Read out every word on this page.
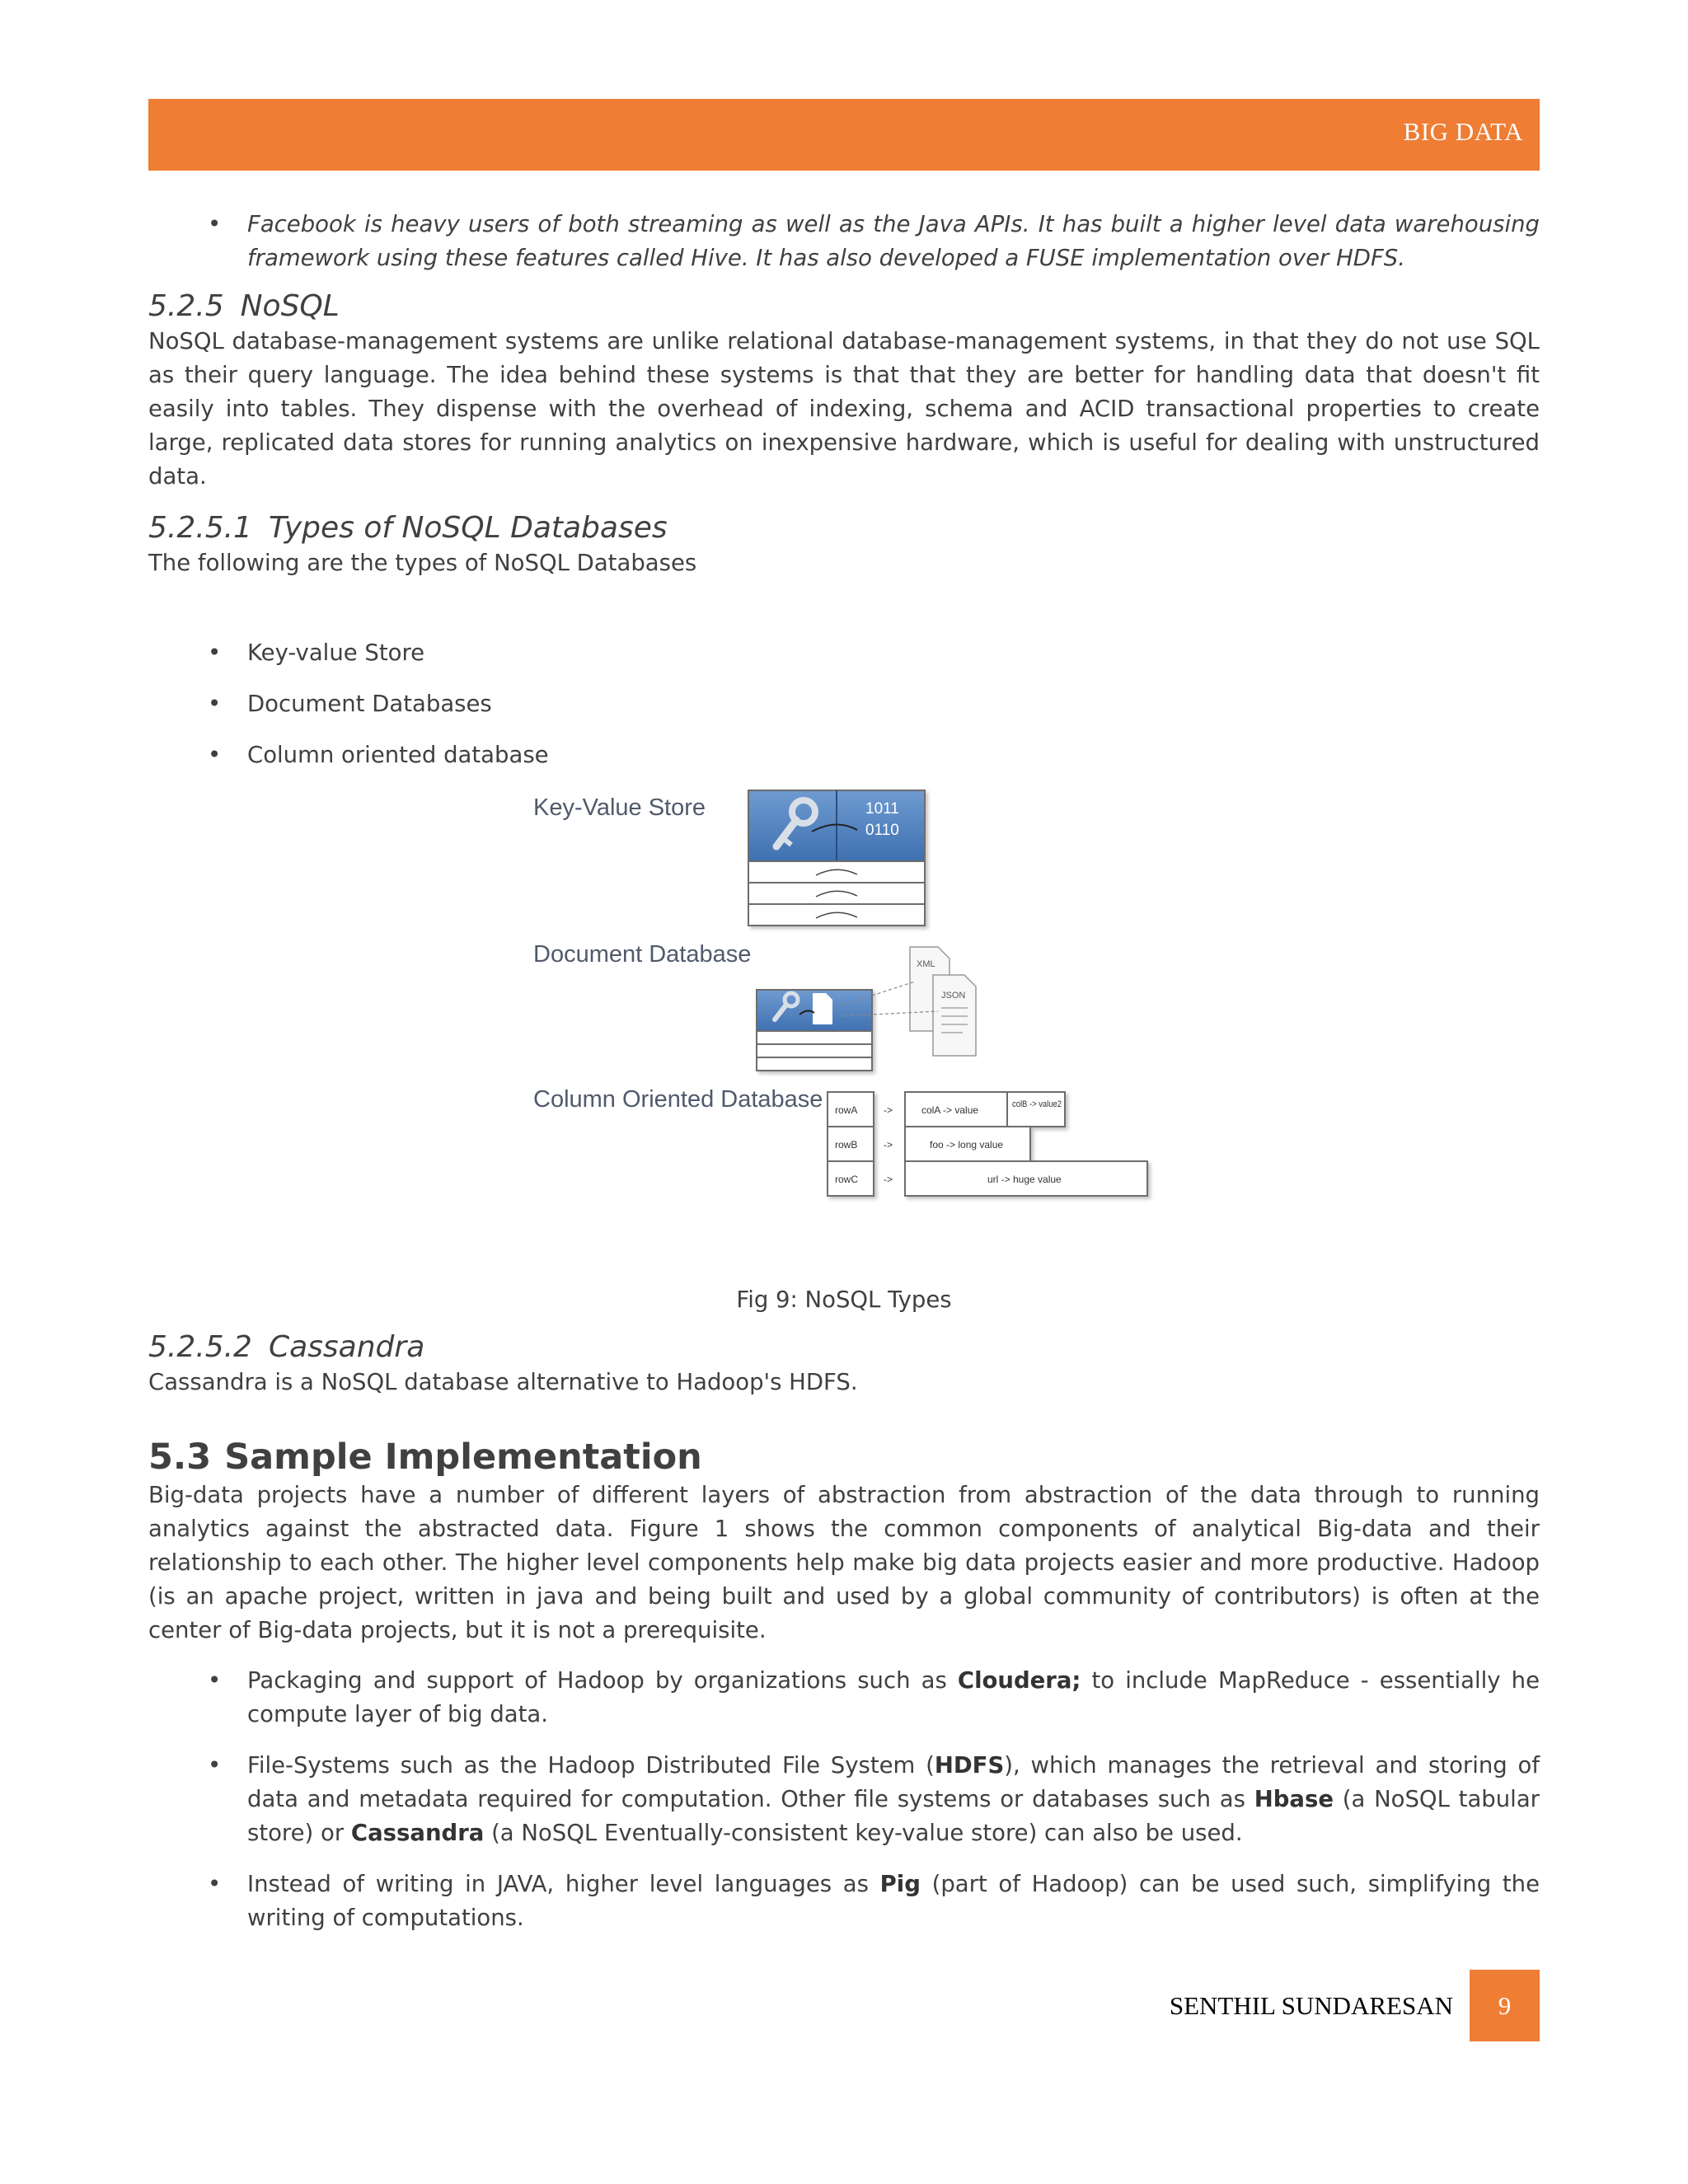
BIG DATA
• Facebook is heavy users of both streaming as well as the Java APIs. It has built a higher level data warehousing framework using these features called Hive. It has also developed a FUSE implementation over HDFS.
5.2.5 NoSQL

NoSQL database-management systems are unlike relational database-management systems, in that they do not use SQL as their query language. The idea behind these systems is that that they are better for handling data that doesn't fit easily into tables. They dispense with the overhead of indexing, schema and ACID transactional properties to create large, replicated data stores for running analytics on inexpensive hardware, which is useful for dealing with unstructured data.

5.2.5.1 Types of NoSQL Databases

The following are the types of NoSQL Databases

• Key-value Store
• Document Databases
• Column oriented database
Key-Value Store	1011
0110
Document Database	XML
JSON
Column Oriented Database rowA
rowB
rowC
->
->
->
colA -> value	colB -> value2
foo -> long value
url -> huge value

Fig 9: NoSQL Types

5.2.5.2 Cassandra

Cassandra is a NoSQL database alternative to Hadoop's HDFS.

5.3 Sample Implementation

Big-data projects have a number of different layers of abstraction from abstraction of the data through to running analytics against the abstracted data. Figure 1 shows the common components of analytical Big-data and their relationship to each other. The higher level components help make big data projects easier and more productive. Hadoop (is an apache project, written in java and being built and used by a global community of contributors) is often at the center of Big-data projects, but it is not a prerequisite.

• Packaging and support of Hadoop by organizations such as Cloudera; to include MapReduce - essentially he compute layer of big data.
• File-Systems such as the Hadoop Distributed File System (HDFS), which manages the retrieval and storing of data and metadata required for computation. Other file systems or databases such as Hbase (a NoSQL tabular store) or Cassandra (a NoSQL Eventually-consistent key-value store) can also be used.
• Instead of writing in JAVA, higher level languages as Pig (part of Hadoop) can be used such, simplifying the writing of computations.
SENTHIL SUNDARESAN 9
